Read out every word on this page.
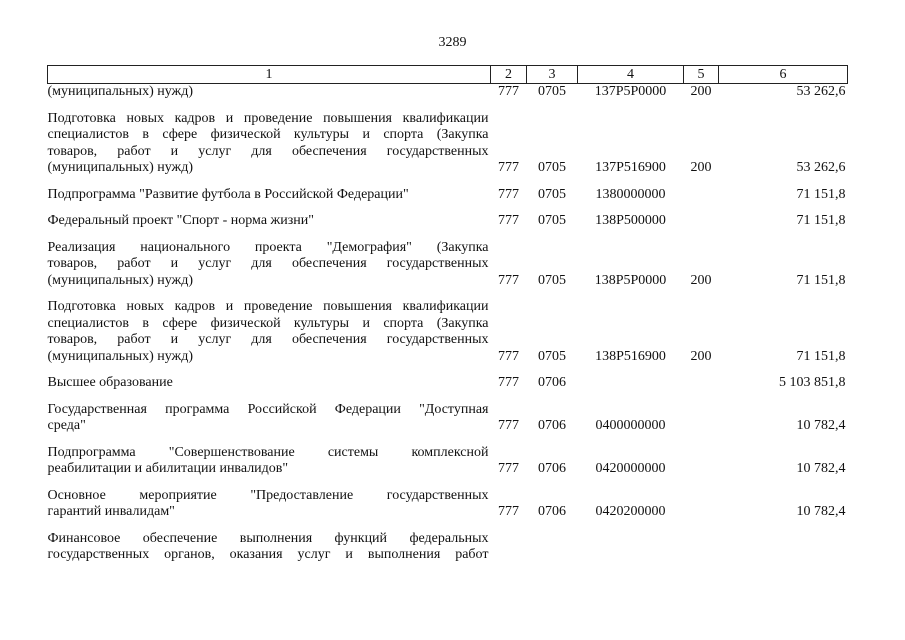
3289
1	2	3	4	5	6

(муниципальных) нужд)	777	0705	137P5P0000	200	53 262,6

Подготовка новых кадров и проведение повышения квалификации
специалистов в сфере физической культуры и спорта (Закупка
товаров, работ и услуг для обеспечения государственных
(муниципальных) нужд)	777	0705	137P516900	200	53 262,6

Подпрограмма "Развитие футбола в Российской Федерации"	777	0705	1380000000		71 151,8

Федеральный проект "Спорт - норма жизни"	777	0705	138P500000		71 151,8

Реализация национального проекта "Демография" (Закупка
товаров, работ и услуг для обеспечения государственных
(муниципальных) нужд)	777	0705	138P5P0000	200	71 151,8

Подготовка новых кадров и проведение повышения квалификации
специалистов в сфере физической культуры и спорта (Закупка
товаров, работ и услуг для обеспечения государственных
(муниципальных) нужд)	777	0705	138P516900	200	71 151,8

Высшее образование	777	0706			5 103 851,8

Государственная программа Российской Федерации "Доступная
среда"	777	0706	0400000000		10 782,4

Подпрограмма "Совершенствование системы комплексной
реабилитации и абилитации инвалидов"	777	0706	0420000000		10 782,4

Основное мероприятие "Предоставление государственных
гарантий инвалидам"	777	0706	0420200000		10 782,4

Финансовое обеспечение выполнения функций федеральных
государственных органов, оказания услуг и выполнения работ					
